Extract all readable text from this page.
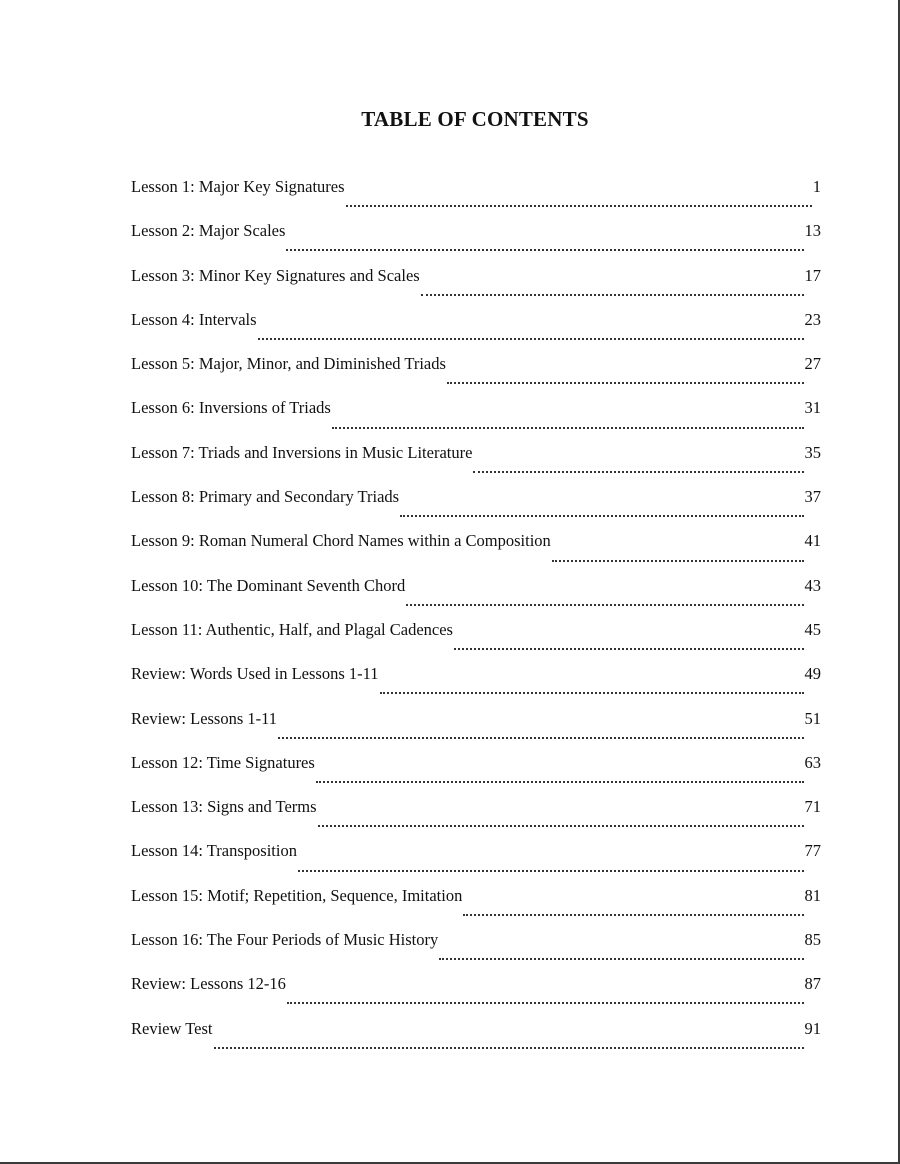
TABLE OF CONTENTS
Lesson 1: Major Key Signatures	1
Lesson 2: Major Scales	13
Lesson 3: Minor Key Signatures and Scales	17
Lesson 4: Intervals	23
Lesson 5: Major, Minor, and Diminished Triads	27
Lesson 6: Inversions of Triads	31
Lesson 7: Triads and Inversions in Music Literature	35
Lesson 8: Primary and Secondary Triads	37
Lesson 9: Roman Numeral Chord Names within a Composition	41
Lesson 10: The Dominant Seventh Chord	43
Lesson 11: Authentic, Half, and Plagal Cadences	45
Review: Words Used in Lessons 1-11	49
Review: Lessons 1-11	51
Lesson 12: Time Signatures	63
Lesson 13: Signs and Terms	71
Lesson 14: Transposition	77
Lesson 15: Motif; Repetition, Sequence, Imitation	81
Lesson 16: The Four Periods of Music History	85
Review: Lessons 12-16	87
Review Test	91
